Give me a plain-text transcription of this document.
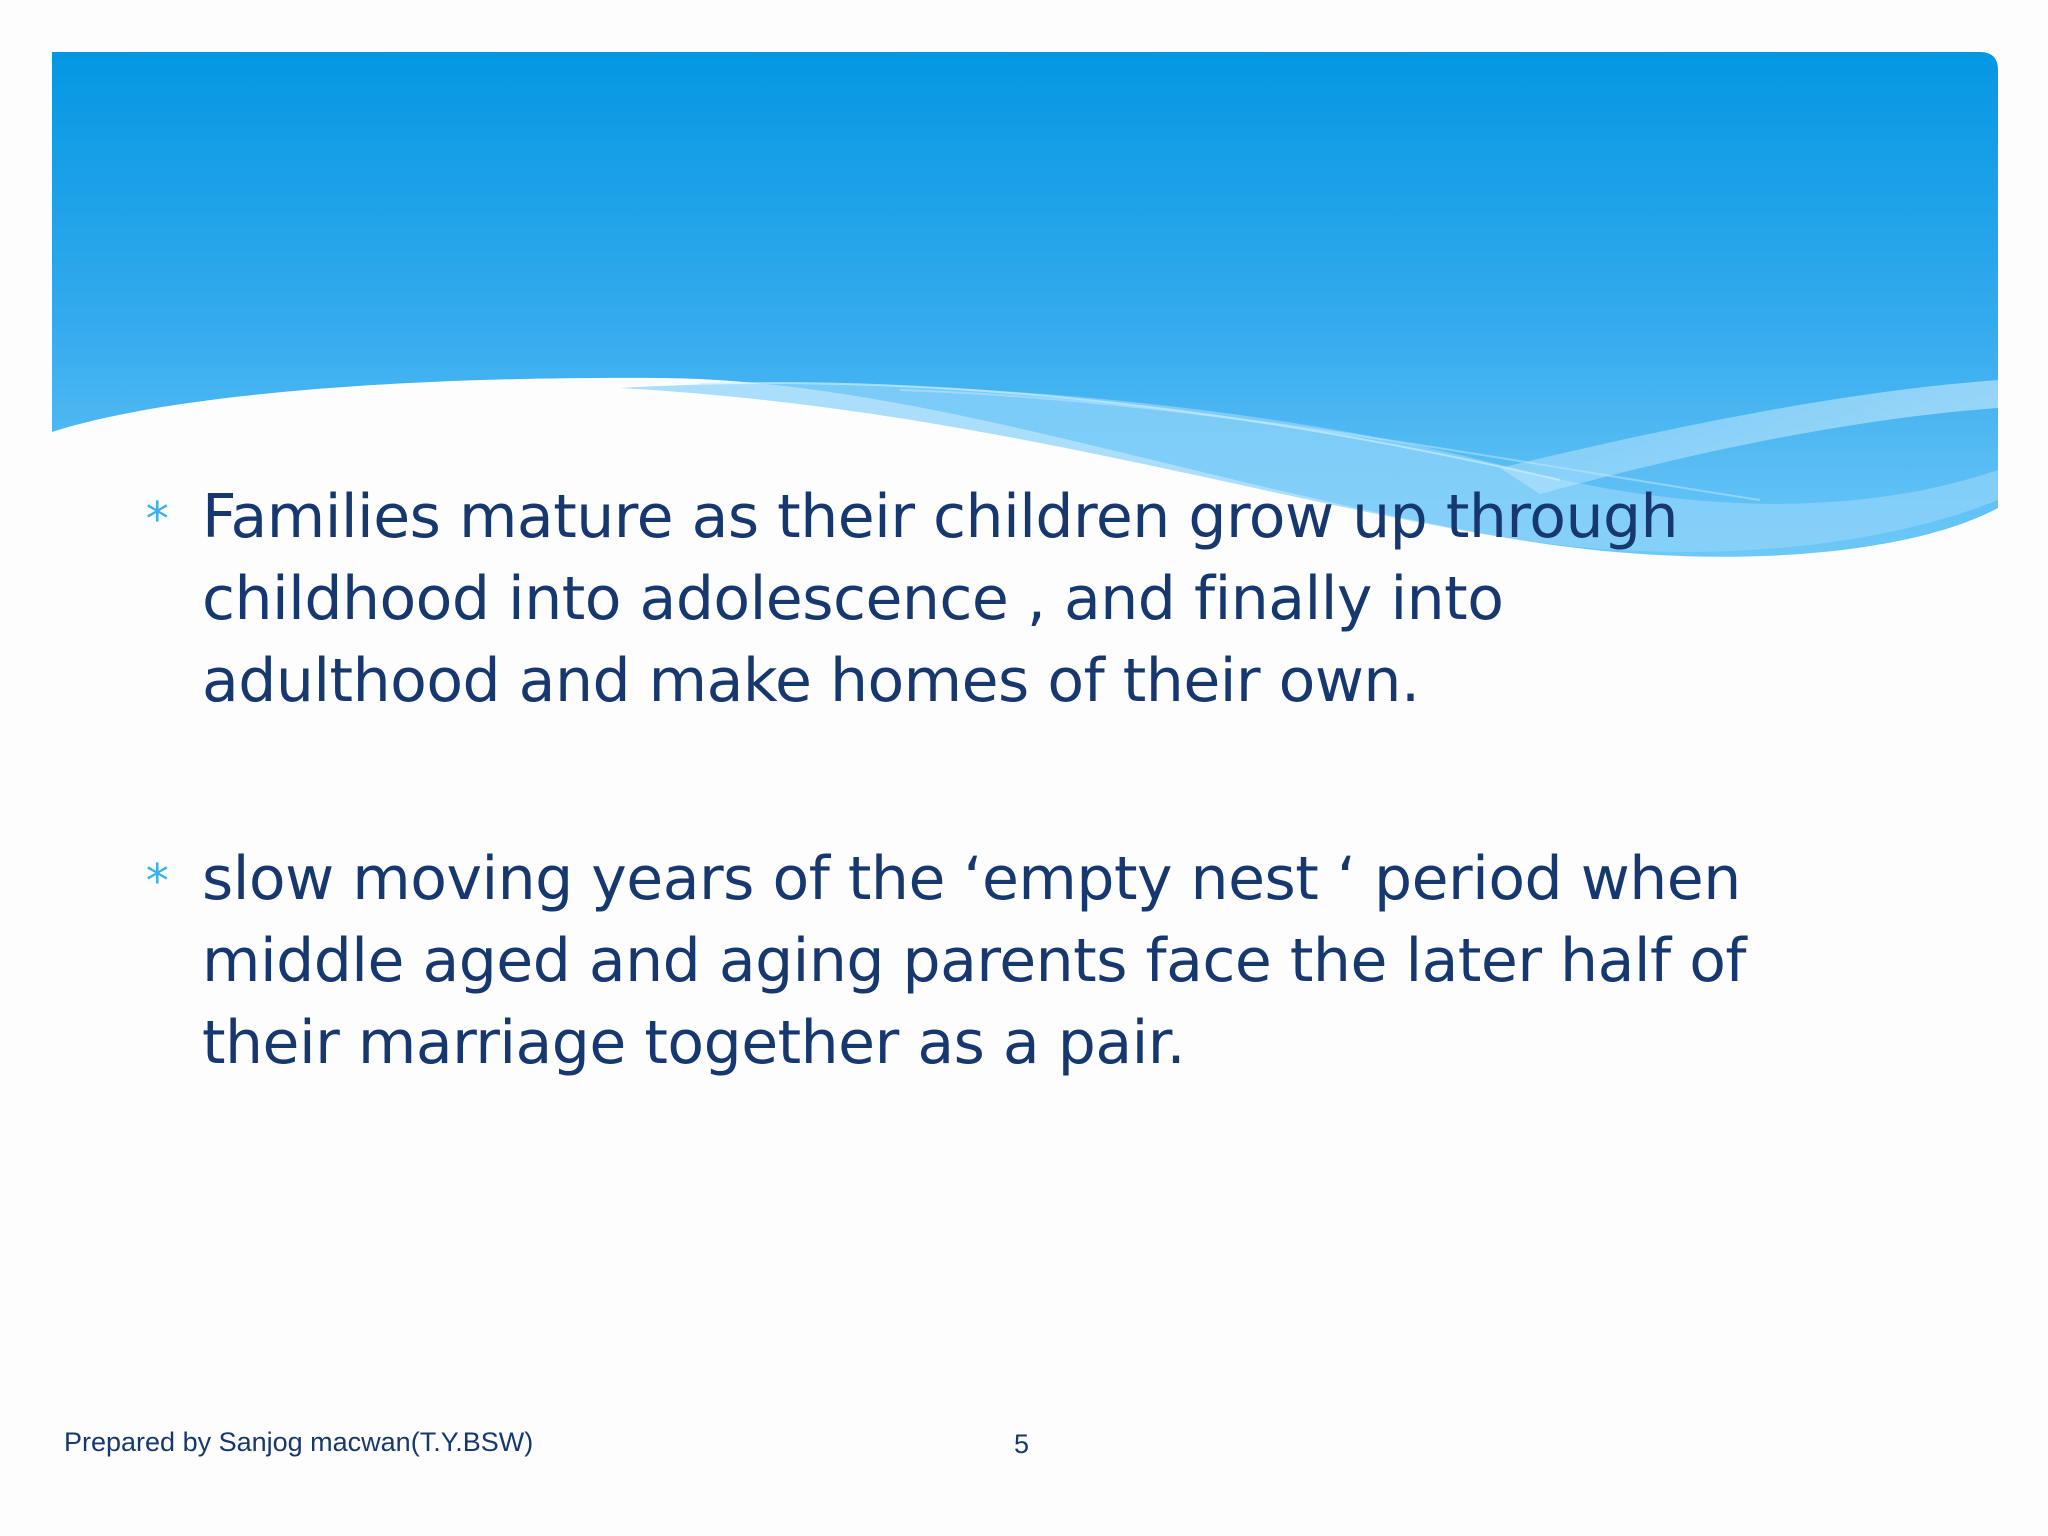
* Families mature as their children grow up through childhood into adolescence , and finally into adulthood and make homes of their own.
* slow moving years of the ‘empty nest ‘ period when middle aged and aging parents face the later half of their marriage together as a pair.
Prepared by Sanjog macwan(T.Y.BSW)	5
